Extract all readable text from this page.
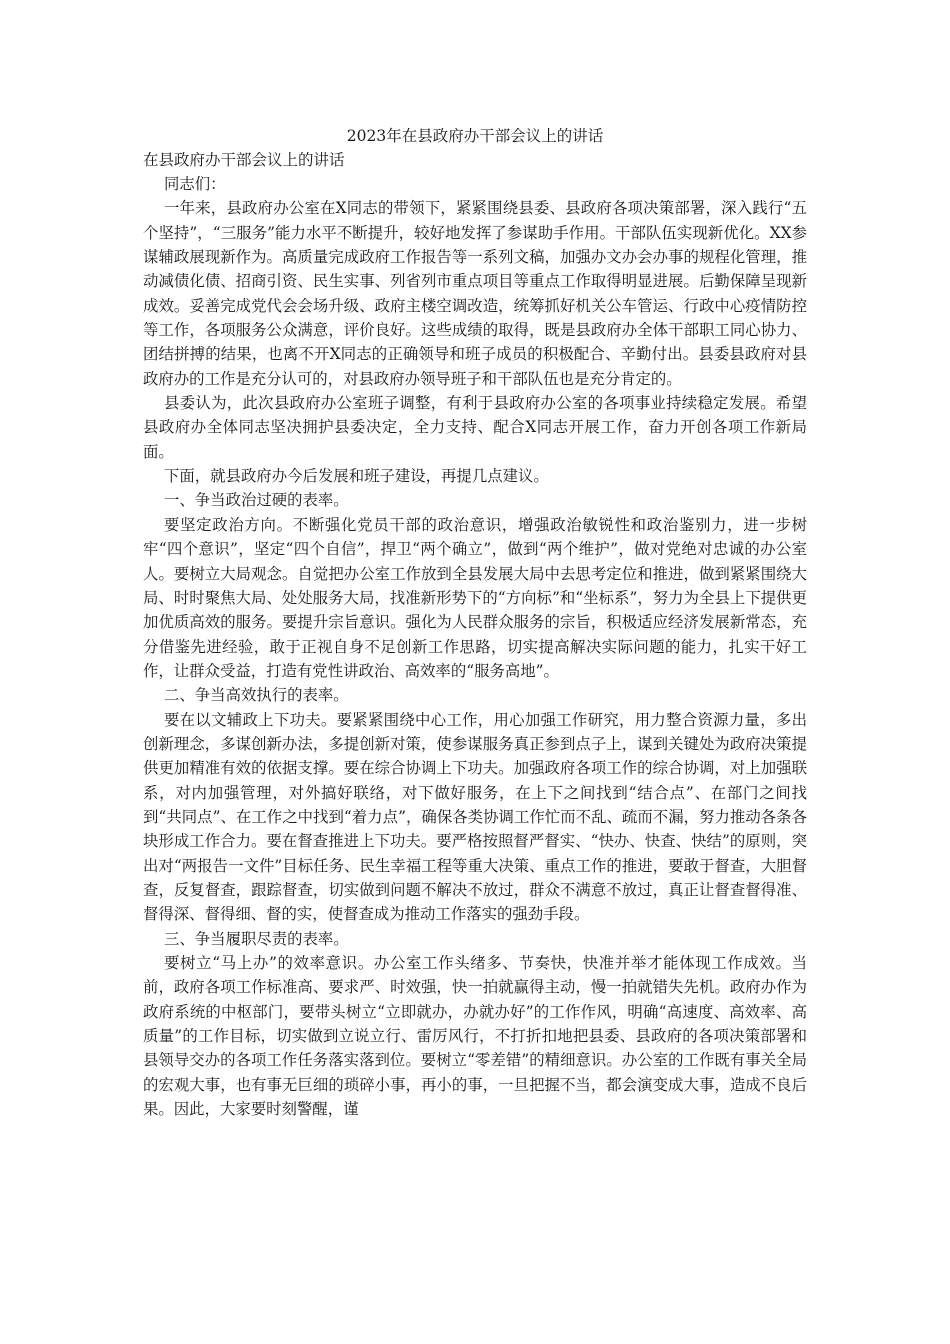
2023年在县政府办干部会议上的讲话

在县政府办干部会议上的讲话

同志们：

一年来，县政府办公室在X同志的带领下，紧紧围绕县委、县政府各项决策部署，深入践行“五个坚持”，“三服务”能力水平不断提升，较好地发挥了参谋助手作用。干部队伍实现新优化。XX参谋辅政展现新作为。高质量完成政府工作报告等一系列文稿，加强办文办会办事的规程化管理，推动减债化债、招商引资、民生实事、列省列市重点项目等重点工作取得明显进展。后勤保障呈现新成效。妥善完成党代会会场升级、政府主楼空调改造，统筹抓好机关公车管运、行政中心疫情防控等工作，各项服务公众满意，评价良好。这些成绩的取得，既是县政府办全体干部职工同心协力、团结拼搏的结果，也离不开X同志的正确领导和班子成员的积极配合、辛勤付出。县委县政府对县政府办的工作是充分认可的，对县政府办领导班子和干部队伍也是充分肯定的。

县委认为，此次县政府办公室班子调整，有利于县政府办公室的各项事业持续稳定发展。希望县政府办全体同志坚决拥护县委决定，全力支持、配合X同志开展工作，奋力开创各项工作新局面。

下面，就县政府办今后发展和班子建设，再提几点建议。

一、争当政治过硬的表率。

要坚定政治方向。不断强化党员干部的政治意识，增强政治敏锐性和政治鉴别力，进一步树牢“四个意识”，坚定“四个自信”，捍卫“两个确立”，做到“两个维护”，做对党绝对忠诚的办公室人。要树立大局观念。自觉把办公室工作放到全县发展大局中去思考定位和推进，做到紧紧围绕大局、时时聚焦大局、处处服务大局，找准新形势下的“方向标”和“坐标系”，努力为全县上下提供更加优质高效的服务。要提升宗旨意识。强化为人民群众服务的宗旨，积极适应经济发展新常态，充分借鉴先进经验，敢于正视自身不足创新工作思路，切实提高解决实际问题的能力，扎实干好工作，让群众受益，打造有党性讲政治、高效率的“服务高地”。

二、争当高效执行的表率。

要在以文辅政上下功夫。要紧紧围绕中心工作，用心加强工作研究，用力整合资源力量，多出创新理念，多谋创新办法，多提创新对策，使参谋服务真正参到点子上，谋到关键处为政府决策提供更加精准有效的依据支撑。要在综合协调上下功夫。加强政府各项工作的综合协调，对上加强联系，对内加强管理，对外搞好联络，对下做好服务，在上下之间找到“结合点”、在部门之间找到“共同点”、在工作之中找到“着力点”，确保各类协调工作忙而不乱、疏而不漏，努力推动各条各块形成工作合力。要在督查推进上下功夫。要严格按照督严督实、“快办、快查、快结”的原则，突出对“两报告一文件”目标任务、民生幸福工程等重大决策、重点工作的推进，要敢于督查，大胆督查，反复督查，跟踪督查，切实做到问题不解决不放过，群众不满意不放过，真正让督查督得准、督得深、督得细、督的实，使督查成为推动工作落实的强劲手段。

三、争当履职尽责的表率。

要树立“马上办”的效率意识。办公室工作头绪多、节奏快，快准并举才能体现工作成效。当前，政府各项工作标准高、要求严、时效强，快一拍就赢得主动，慢一拍就错失先机。政府办作为政府系统的中枢部门，要带头树立“立即就办，办就办好”的工作作风，明确“高速度、高效率、高质量”的工作目标，切实做到立说立行、雷厉风行，不打折扣地把县委、县政府的各项决策部署和县领导交办的各项工作任务落实落到位。要树立“零差错”的精细意识。办公室的工作既有事关全局的宏观大事，也有事无巨细的琐碎小事，再小的事，一旦把握不当，都会演变成大事，造成不良后果。因此，大家要时刻警醒，谨
